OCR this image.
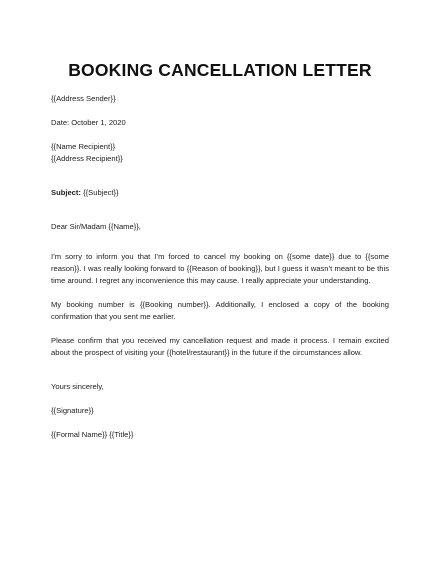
BOOKING CANCELLATION LETTER

{{Address Sender}}

Date: October 1, 2020

{{Name Recipient}}

{{Address Recipient}}

Subject: {{Subject}}

Dear Sir/Madam {{Name}},

I’m sorry to inform you that I’m forced to cancel my booking on {{some date}} due to {{some reason}}. I was really looking forward to {{Reason of booking}}, but I guess it wasn’t meant to be this time around. I regret any inconvenience this may cause. I really appreciate your understanding.

My booking number is {{Booking number}}. Additionally, I enclosed a copy of the booking confirmation that you sent me earlier.

Please confirm that you received my cancellation request and made it process. I remain excited about the prospect of visiting your {{hotel/restaurant}} in the future if the circumstances allow.

Yours sincerely,

{{Signature}}

{{Formal Name}} {{Title}}
